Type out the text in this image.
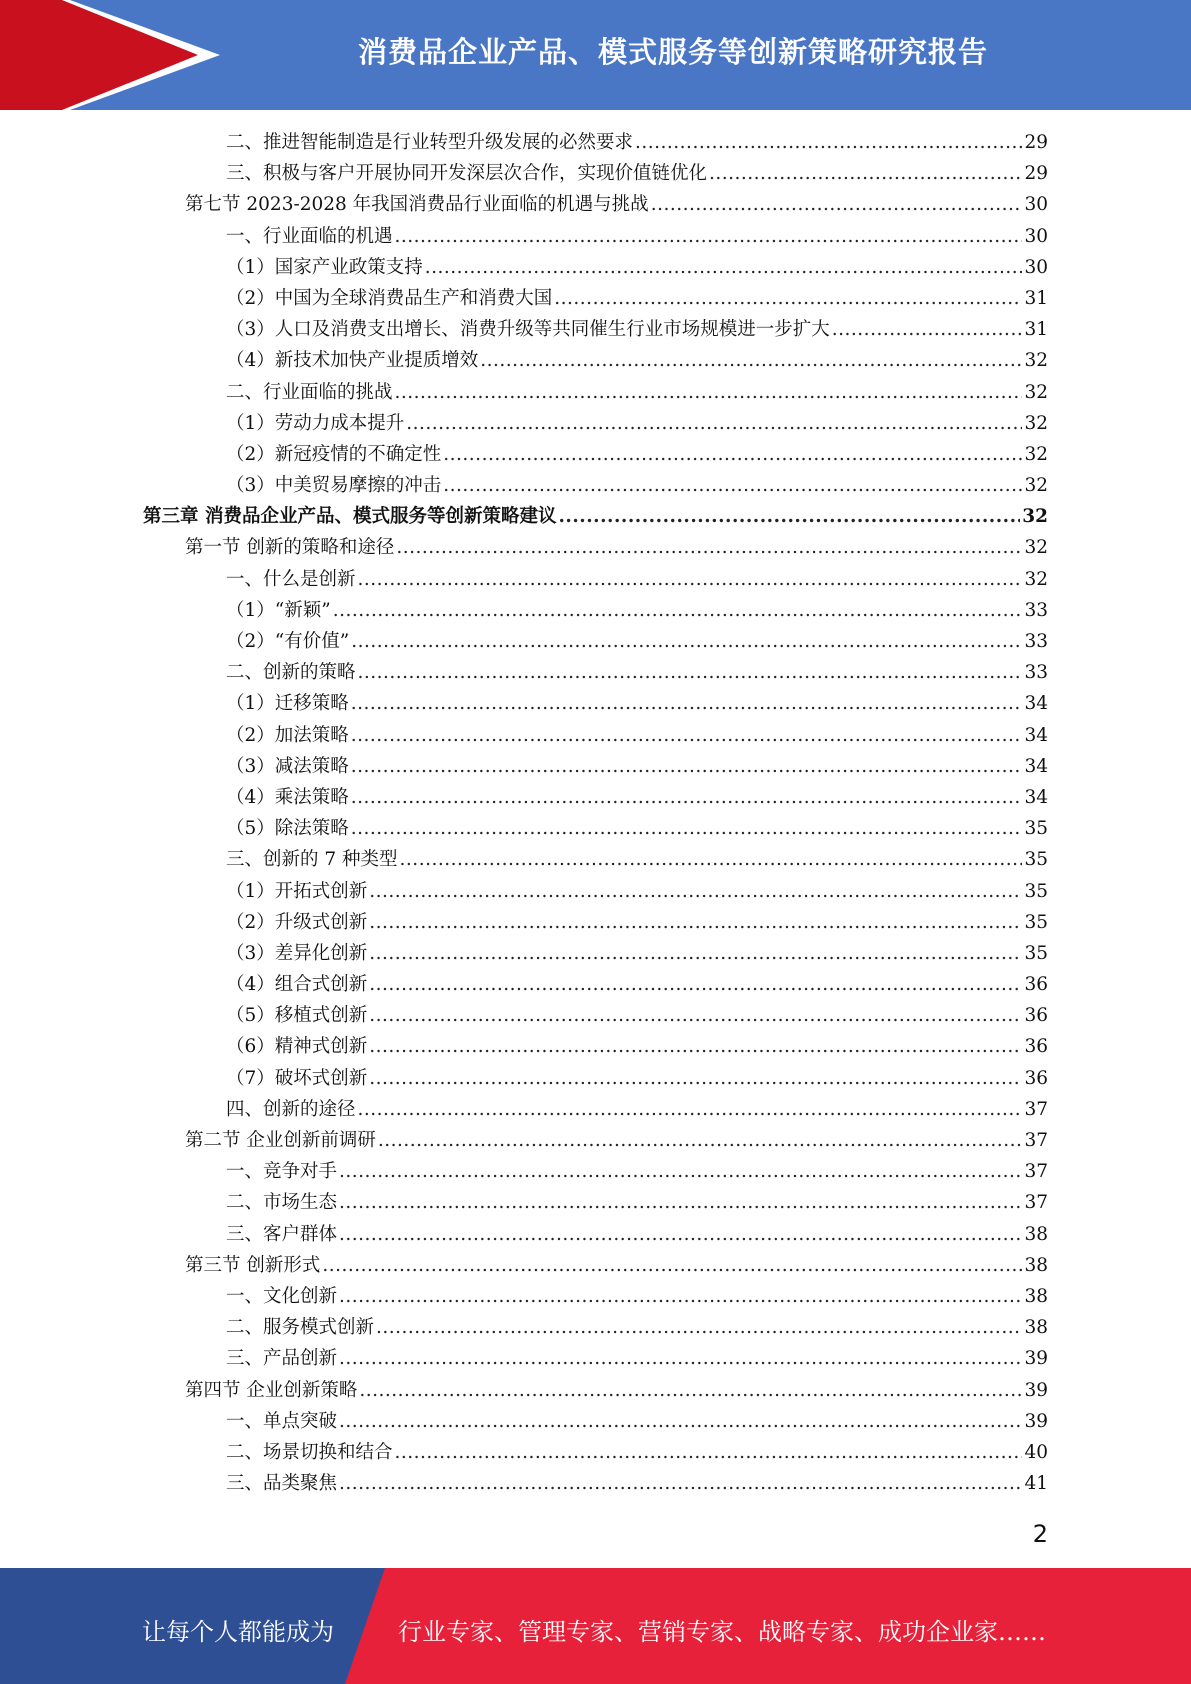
消费品企业产品、模式服务等创新策略研究报告
二、推进智能制造是行业转型升级发展的必然要求 .....	29
三、积极与客户开展协同开发深层次合作，实现价值链优化 .....	29
第七节 2023-2028 年我国消费品行业面临的机遇与挑战 .....	30
一、行业面临的机遇 .....	30
（1）国家产业政策支持 .....	30
（2）中国为全球消费品生产和消费大国 .....	31
（3）人口及消费支出增长、消费升级等共同催生行业市场规模进一步扩大 .....	31
（4）新技术加快产业提质增效 .....	32
二、行业面临的挑战 .....	32
（1）劳动力成本提升 .....	32
（2）新冠疫情的不确定性 .....	32
（3）中美贸易摩擦的冲击 .....	32
第三章 消费品企业产品、模式服务等创新策略建议 .....	32
第一节 创新的策略和途径 .....	32
一、什么是创新 .....	32
（1）“新颖” .....	33
（2）“有价值” .....	33
二、创新的策略 .....	33
（1）迁移策略 .....	34
（2）加法策略 .....	34
（3）减法策略 .....	34
（4）乘法策略 .....	34
（5）除法策略 .....	35
三、创新的 7 种类型 .....	35
（1）开拓式创新 .....	35
（2）升级式创新 .....	35
（3）差异化创新 .....	35
（4）组合式创新 .....	36
（5）移植式创新 .....	36
（6）精神式创新 .....	36
（7）破坏式创新 .....	36
四、创新的途径 .....	37
第二节 企业创新前调研 .....	37
一、竞争对手 .....	37
二、市场生态 .....	37
三、客户群体 .....	38
第三节 创新形式 .....	38
一、文化创新 .....	38
二、服务模式创新 .....	38
三、产品创新 .....	39
第四节 企业创新策略 .....	39
一、单点突破 .....	39
二、场景切换和结合 .....	40
三、品类聚焦 .....	41
2
让每个人都能成为	行业专家、管理专家、营销专家、战略专家、成功企业家……
